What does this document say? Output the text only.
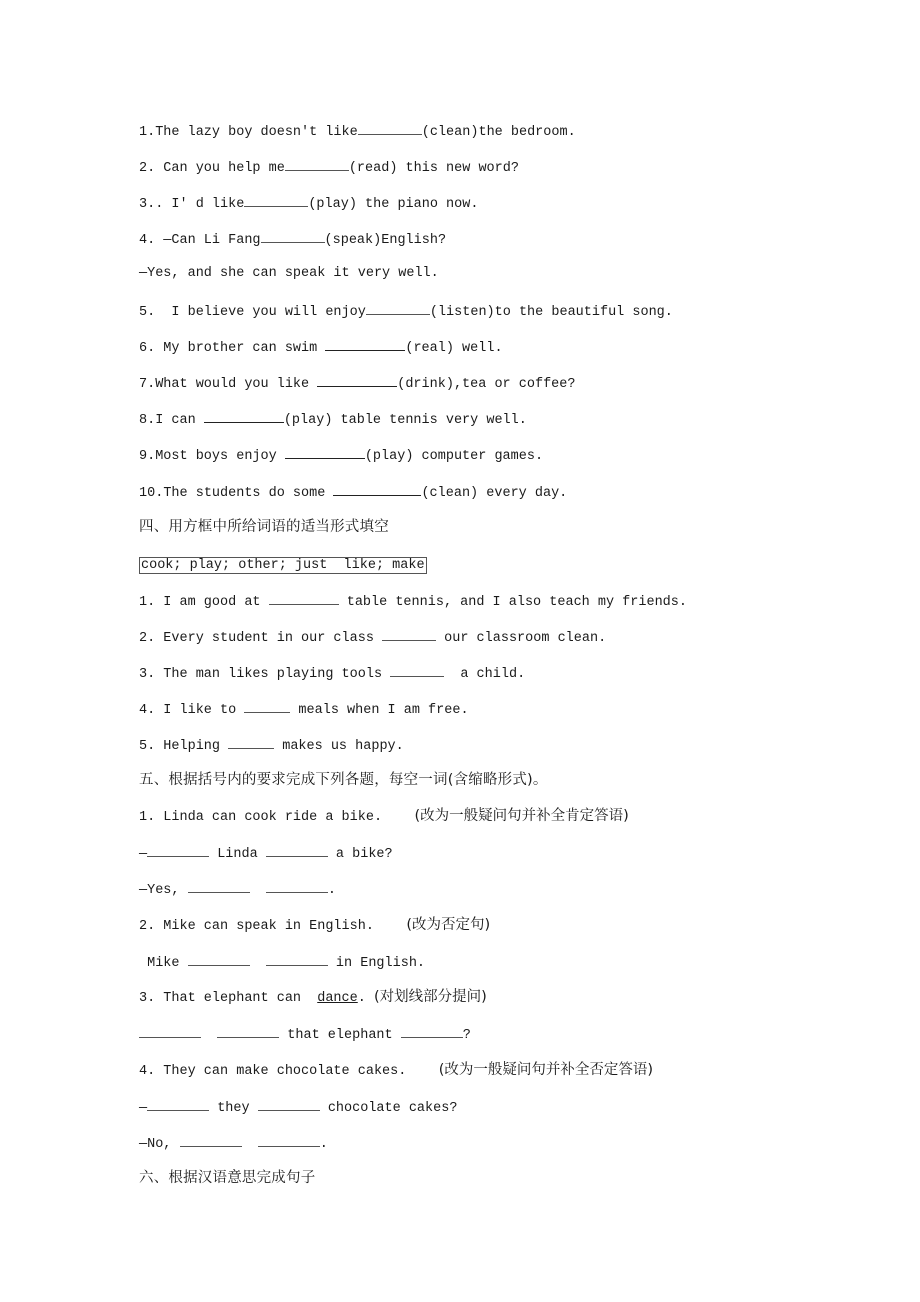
1.The lazy boy doesn't like	(clean)the bedroom.
2. Can you help me	(read) this new word?
3.. I' d like	(play) the piano now.
4. —Can Li Fang	(speak)English?
—Yes, and she can speak it very well.
5.  I believe you will enjoy	(listen)to the beautiful song.
6. My brother can swim	(real) well.
7.What would you like	(drink),tea or coffee?
8.I can	(play) table tennis very well.
9.Most boys enjoy	(play) computer games.
10.The students do some	(clean) every day.
四、用方框中所给词语的适当形式填空
cook; play; other; just  like; make
1. I am good at	table tennis, and I also teach my friends.
2. Every student in our class	our classroom clean.
3. The man likes playing tools	a child.
4. I like to	meals when I am free.
5. Helping	makes us happy.
五、根据括号内的要求完成下列各题，每空一词(含缩略形式)。
1. Linda can cook ride a bike. (改为一般疑问句并补全肯定答语)
—	Linda	a bike?
—Yes,	.
2. Mike can speak in English. (改为否定句)
Mike	in English.
3. That elephant can  dance. (对划线部分提问)
that elephant	?
4. They can make chocolate cakes. (改为一般疑问句并补全否定答语)
—	they	chocolate cakes?
—No,	.
六、根据汉语意思完成句子
